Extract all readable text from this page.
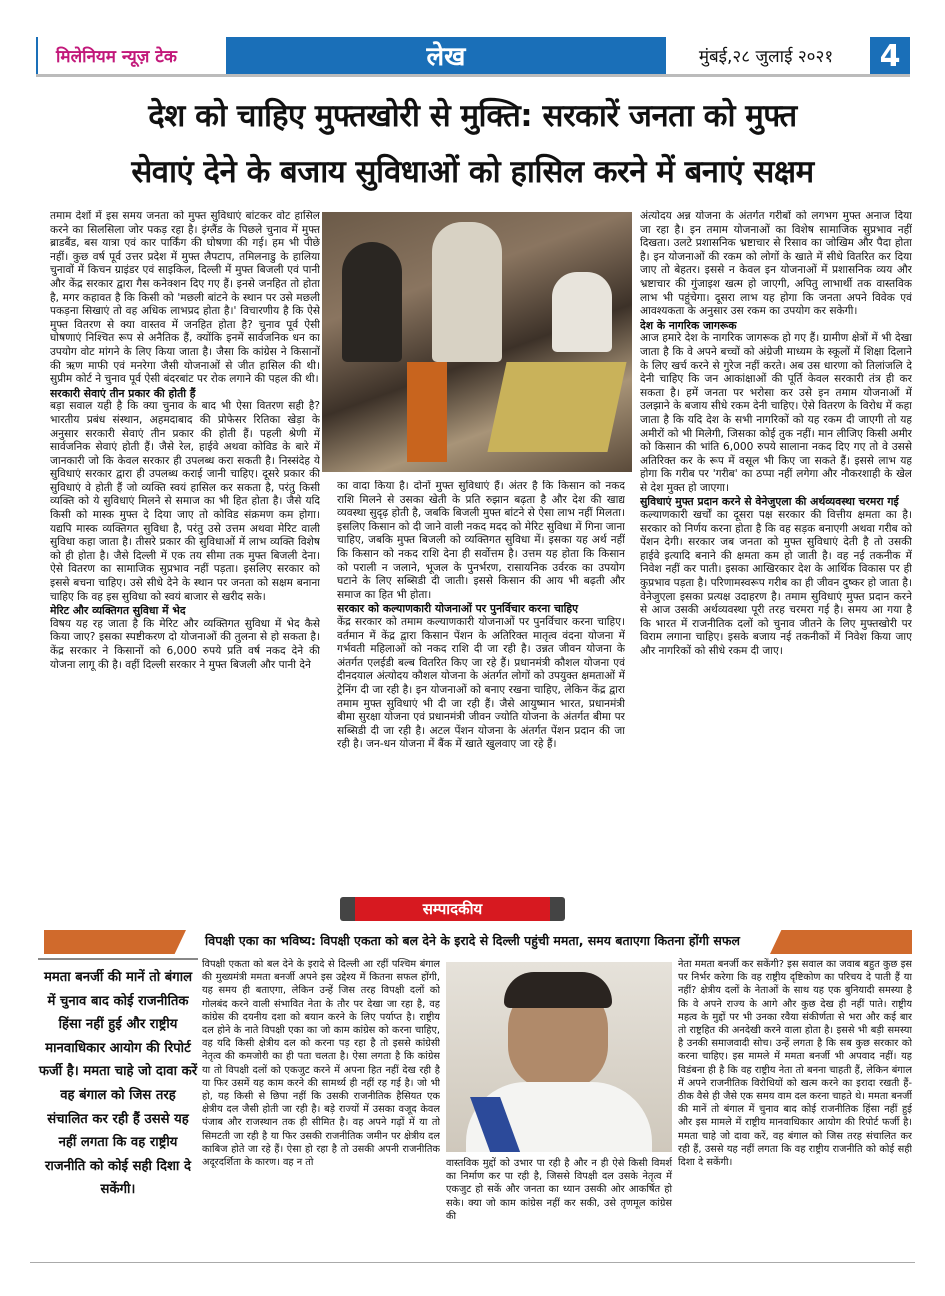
मिलेनियम न्यूज़ टेक	लेख	मुंबई,२८ जुलाई २०२१	4
देश को चाहिए मुफ्तखोरी से मुक्ति: सरकारें जनता को मुफ्त
सेवाएं देने के बजाय सुविधाओं को हासिल करने में बनाएं सक्षम

तमाम देशों में इस समय जनता को मुफ्त सुविधाएं बांटकर वोट हासिल करने का सिलसिला जोर पकड़ रहा है। इंग्लैंड के पिछले चुनाव में मुफ्त ब्राडबैंड, बस यात्रा एवं कार पार्किंग की घोषणा की गई। हम भी पीछे नहीं। कुछ वर्ष पूर्व उत्तर प्रदेश में मुफ्त लैपटाप, तमिलनाडु के हालिया चुनावों में किचन ग्राइंडर एवं साइकिल, दिल्ली में मुफ्त बिजली एवं पानी और केंद्र सरकार द्वारा गैस कनेक्शन दिए गए हैं। इनसे जनहित तो होता है, मगर कहावत है कि किसी को 'मछली बांटने के स्थान पर उसे मछली पकड़ना सिखाएं तो वह अधिक लाभप्रद होता है।' विचारणीय है कि ऐसे मुफ्त वितरण से क्या वास्तव में जनहित होता है? चुनाव पूर्व ऐसी घोषणाएं निश्चित रूप से अनैतिक हैं, क्योंकि इनमें सार्वजनिक धन का उपयोग वोट मांगने के लिए किया जाता है। जैसा कि कांग्रेस ने किसानों की ऋण माफी एवं मनरेगा जैसी योजनाओं से जीत हासिल की थी। सुप्रीम कोर्ट ने चुनाव पूर्व ऐसी बंदरबांट पर रोक लगाने की पहल की थी।

सरकारी सेवाएं तीन प्रकार की होती हैं

बड़ा सवाल यही है कि क्या चुनाव के बाद भी ऐसा वितरण सही है? भारतीय प्रबंध संस्थान, अहमदाबाद की प्रोफेसर रितिका खेड़ा के अनुसार सरकारी सेवाएं तीन प्रकार की होती हैं। पहली श्रेणी में सार्वजनिक सेवाएं होती हैं। जैसे रेल, हाईवे अथवा कोविड के बारे में जानकारी जो कि केवल सरकार ही उपलब्ध करा सकती है। निस्संदेह ये सुविधाएं सरकार द्वारा ही उपलब्ध कराई जानी चाहिए। दूसरे प्रकार की सुविधाएं वे होती हैं जो व्यक्ति स्वयं हासिल कर सकता है, परंतु किसी व्यक्ति को ये सुविधाएं मिलने से समाज का भी हित होता है। जैसे यदि किसी को मास्क मुफ्त दे दिया जाए तो कोविड संक्रमण कम होगा। यद्यपि मास्क व्यक्तिगत सुविधा है, परंतु उसे उत्तम अथवा मेरिट वाली सुविधा कहा जाता है। तीसरे प्रकार की सुविधाओं में लाभ व्यक्ति विशेष को ही होता है। जैसे दिल्ली में एक तय सीमा तक मुफ्त बिजली देना। ऐसे वितरण का सामाजिक सुप्रभाव नहीं पड़ता। इसलिए सरकार को इससे बचना चाहिए। उसे सीधे देने के स्थान पर जनता को सक्षम बनाना चाहिए कि वह इस सुविधा को स्वयं बाजार से खरीद सके।

मेरिट और व्यक्तिगत सुविधा में भेद

विषय यह रह जाता है कि मेरिट और व्यक्तिगत सुविधा में भेद कैसे किया जाए? इसका स्पष्टीकरण दो योजनाओं की तुलना से हो सकता है। केंद्र सरकार ने किसानों को 6,000 रुपये प्रति वर्ष नकद देने की योजना लागू की है। वहीं दिल्ली सरकार ने मुफ्त बिजली और पानी देने

का वादा किया है। दोनों मुफ्त सुविधाएं हैं। अंतर है कि किसान को नकद राशि मिलने से उसका खेती के प्रति रुझान बढ़ता है और देश की खाद्य व्यवस्था सुदृढ़ होती है, जबकि बिजली मुफ्त बांटने से ऐसा लाभ नहीं मिलता। इसलिए किसान को दी जाने वाली नकद मदद को मेरिट सुविधा में गिना जाना चाहिए, जबकि मुफ्त बिजली को व्यक्तिगत सुविधा में। इसका यह अर्थ नहीं कि किसान को नकद राशि देना ही सर्वोत्तम है। उत्तम यह होता कि किसान को पराली न जलाने, भूजल के पुनर्भरण, रासायनिक उर्वरक का उपयोग घटाने के लिए सब्सिडी दी जाती। इससे किसान की आय भी बढ़ती और समाज का हित भी होता।

सरकार को कल्याणकारी योजनाओं पर पुनर्विचार करना चाहिए

केंद्र सरकार को तमाम कल्याणकारी योजनाओं पर पुनर्विचार करना चाहिए। वर्तमान में केंद्र द्वारा किसान पेंशन के अतिरिक्त मातृत्व वंदना योजना में गर्भवती महिलाओं को नकद राशि दी जा रही है। उन्नत जीवन योजना के अंतर्गत एलईडी बल्ब वितरित किए जा रहे हैं। प्रधानमंत्री कौशल योजना एवं दीनदयाल अंत्योदय कौशल योजना के अंतर्गत लोगों को उपयुक्त क्षमताओं में ट्रेनिंग दी जा रही है। इन योजनाओं को बनाए रखना चाहिए, लेकिन केंद्र द्वारा तमाम मुफ्त सुविधाएं भी दी जा रही हैं। जैसे आयुष्मान भारत, प्रधानमंत्री बीमा सुरक्षा योजना एवं प्रधानमंत्री जीवन ज्योति योजना के अंतर्गत बीमा पर सब्सिडी दी जा रही है। अटल पेंशन योजना के अंतर्गत पेंशन प्रदान की जा रही है। जन-धन योजना में बैंक में खाते खुलवाए जा रहे हैं।

अंत्योदय अन्न योजना के अंतर्गत गरीबों को लगभग मुफ्त अनाज दिया जा रहा है। इन तमाम योजनाओं का विशेष सामाजिक सुप्रभाव नहीं दिखता। उलटे प्रशासनिक भ्रष्टाचार से रिसाव का जोखिम और पैदा होता है। इन योजनाओं की रकम को लोगों के खाते में सीधे वितरित कर दिया जाए तो बेहतर। इससे न केवल इन योजनाओं में प्रशासनिक व्यय और भ्रष्टाचार की गुंजाइश खत्म हो जाएगी, अपितु लाभार्थी तक वास्तविक लाभ भी पहुंचेगा। दूसरा लाभ यह होगा कि जनता अपने विवेक एवं आवश्यकता के अनुसार उस रकम का उपयोग कर सकेगी।

देश के नागरिक जागरूक

आज हमारे देश के नागरिक जागरूक हो गए हैं। ग्रामीण क्षेत्रों में भी देखा जाता है कि वे अपने बच्चों को अंग्रेजी माध्यम के स्कूलों में शिक्षा दिलाने के लिए खर्च करने से गुरेज नहीं करते। अब उस धारणा को तिलांजलि दे देनी चाहिए कि जन आकांक्षाओं की पूर्ति केवल सरकारी तंत्र ही कर सकता है। हमें जनता पर भरोसा कर उसे इन तमाम योजनाओं में उलझाने के बजाय सीधे रकम देनी चाहिए। ऐसे वितरण के विरोध में कहा जाता है कि यदि देश के सभी नागरिकों को यह रकम दी जाएगी तो यह अमीरों को भी मिलेगी, जिसका कोई तुक नहीं। मान लीजिए किसी अमीर को किसान की भांति 6,000 रुपये सालाना नकद दिए गए तो वे उससे अतिरिक्त कर के रूप में वसूल भी किए जा सकते हैं। इससे लाभ यह होगा कि गरीब पर 'गरीब' का ठप्पा नहीं लगेगा और नौकरशाही के खेल से देश मुक्त हो जाएगा।

सुविधाएं मुफ्त प्रदान करने से वेनेजुएला की अर्थव्यवस्था चरमरा गई

कल्याणकारी खर्चों का दूसरा पक्ष सरकार की वित्तीय क्षमता का है। सरकार को निर्णय करना होता है कि वह सड़क बनाएगी अथवा गरीब को पेंशन देगी। सरकार जब जनता को मुफ्त सुविधाएं देती है तो उसकी हाईवे इत्यादि बनाने की क्षमता कम हो जाती है। वह नई तकनीक में निवेश नहीं कर पाती। इसका आखिरकार देश के आर्थिक विकास पर ही कुप्रभाव पड़ता है। परिणामस्वरूप गरीब का ही जीवन दुष्कर हो जाता है। वेनेजुएला इसका प्रत्यक्ष उदाहरण है। तमाम सुविधाएं मुफ्त प्रदान करने से आज उसकी अर्थव्यवस्था पूरी तरह चरमरा गई है। समय आ गया है कि भारत में राजनीतिक दलों को चुनाव जीतने के लिए मुफ्तखोरी पर विराम लगाना चाहिए। इसके बजाय नई तकनीकों में निवेश किया जाए और नागरिकों को सीधे रकम दी जाए।

सम्पादकीय
विपक्षी एका का भविष्य: विपक्षी एकता को बल देने के इरादे से दिल्ली पहुंची ममता, समय बताएगा कितना होंगी सफल
ममता बनर्जी की मानें तो बंगाल में चुनाव बाद कोई राजनीतिक हिंसा नहीं हुई और राष्ट्रीय मानवाधिकार आयोग की रिपोर्ट फर्जी है। ममता चाहे जो दावा करें वह बंगाल को जिस तरह संचालित कर रही हैं उससे यह नहीं लगता कि वह राष्ट्रीय राजनीति को कोई सही दिशा दे सकेंगी।
विपक्षी एकता को बल देने के इरादे से दिल्ली आ रहीं पश्चिम बंगाल की मुख्यमंत्री ममता बनर्जी अपने इस उद्देश्य में कितना सफल होंगी, यह समय ही बताएगा, लेकिन उन्हें जिस तरह विपक्षी दलों को गोलबंद करने वाली संभावित नेता के तौर पर देखा जा रहा है, वह कांग्रेस की दयनीय दशा को बयान करने के लिए पर्याप्त है। राष्ट्रीय दल होने के नाते विपक्षी एका का जो काम कांग्रेस को करना चाहिए, वह यदि किसी क्षेत्रीय दल को करना पड़ रहा है तो इससे कांग्रेसी नेतृत्व की कमजोरी का ही पता चलता है। ऐसा लगता है कि कांग्रेस या तो विपक्षी दलों को एकजुट करने में अपना हित नहीं देख रही है या फिर उसमें यह काम करने की सामर्थ्य ही नहीं रह गई है। जो भी हो, यह किसी से छिपा नहीं कि उसकी राजनीतिक हैसियत एक क्षेत्रीय दल जैसी होती जा रही है। बड़े राज्यों में उसका वजूद केवल पंजाब और राजस्थान तक ही सीमित है। वह अपने गढ़ों में या तो सिमटती जा रही है या फिर उसकी राजनीतिक जमीन पर क्षेत्रीय दल काबिज होते जा रहे हैं। ऐसा हो रहा है तो उसकी अपनी राजनीतिक अदूरदर्शिता के कारण। वह न तो	वास्तविक मुद्दों को उभार पा रही है और न ही ऐसे किसी विमर्श का निर्माण कर पा रही है, जिससे विपक्षी दल उसके नेतृत्व में एकजुट हो सकें और जनता का ध्यान उसकी ओर आकर्षित हो सके। क्या जो काम कांग्रेस नहीं कर सकी, उसे तृणमूल कांग्रेस की
नेता ममता बनर्जी कर सकेंगी? इस सवाल का जवाब बहुत कुछ इस पर निर्भर करेगा कि वह राष्ट्रीय दृष्टिकोण का परिचय दे पाती हैं या नहीं? क्षेत्रीय दलों के नेताओं के साथ यह एक बुनियादी समस्या है कि वे अपने राज्य के आगे और कुछ देख ही नहीं पाते। राष्ट्रीय महत्व के मुद्दों पर भी उनका रवैया संकीर्णता से भरा और कई बार तो राष्ट्रहित की अनदेखी करने वाला होता है। इससे भी बड़ी समस्या है उनकी समाजवादी सोच। उन्हें लगता है कि सब कुछ सरकार को करना चाहिए। इस मामले में ममता बनर्जी भी अपवाद नहीं। यह विडंबना ही है कि वह राष्ट्रीय नेता तो बनना चाहती हैं, लेकिन बंगाल में अपने राजनीतिक विरोधियों को खत्म करने का इरादा रखती हैं-ठीक वैसे ही जैसे एक समय वाम दल करना चाहते थे। ममता बनर्जी की मानें तो बंगाल में चुनाव बाद कोई राजनीतिक हिंसा नहीं हुई और इस मामले में राष्ट्रीय मानवाधिकार आयोग की रिपोर्ट फर्जी है। ममता चाहे जो दावा करें, वह बंगाल को जिस तरह संचालित कर रही हैं, उससे यह नहीं लगता कि वह राष्ट्रीय राजनीति को कोई सही दिशा दे सकेंगी।
